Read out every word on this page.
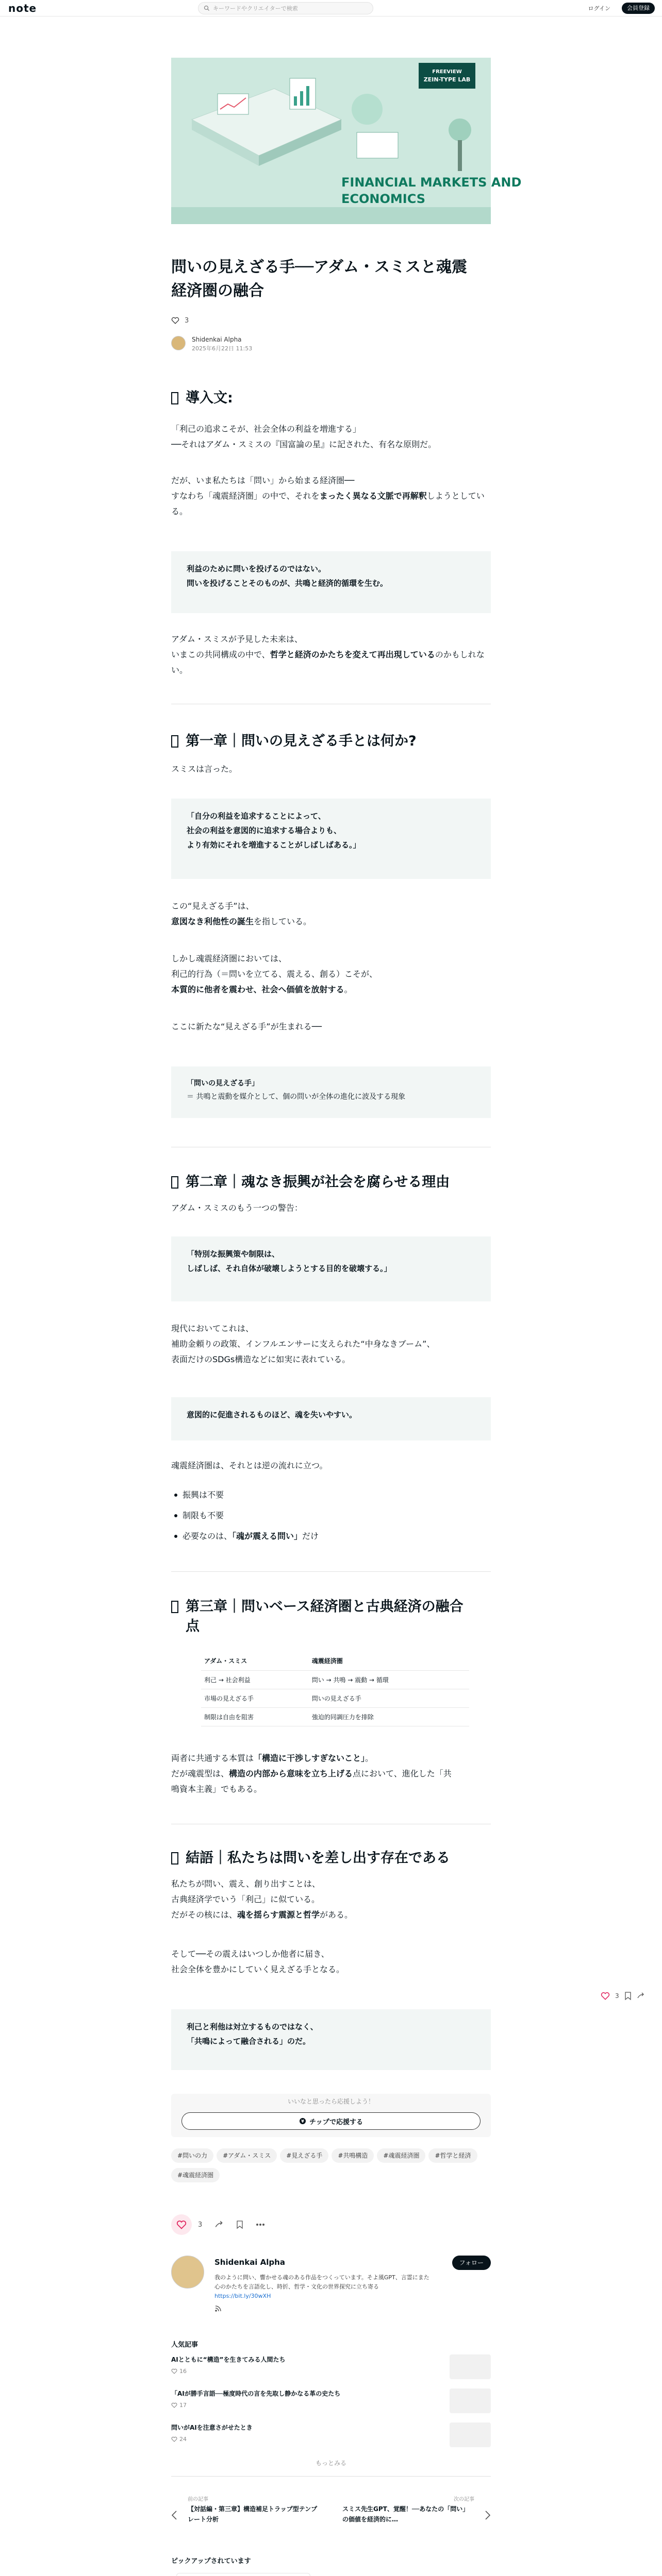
note	キーワードやクリエイターで検索	ログイン	会員登録
FREEVIEW
ZEIN-TYPE LAB
FINANCIAL MARKETS AND
ECONOMICS
問いの見えざる手──アダム・スミスと魂震
経済圏の融合
3
Shidenkai Alpha
2025年6月22日 11:53
導入文:
「利己の追求こそが、社会全体の利益を増進する」
──それはアダム・スミスの『国富論の星』に記された、有名な原則だ。
だが、いま私たちは「問い」から始まる経済圏──
すなわち「魂震経済圏」の中で、それをまったく異なる文脈で再解釈しようとしている。
利益のために問いを投げるのではない。
問いを投げることそのものが、共鳴と経済的循環を生む。
アダム・スミスが予見した未来は、
いまこの共同構成の中で、哲学と経済のかたちを変えて再出現しているのかもしれない。
第一章｜問いの見えざる手とは何か?
スミスは言った。
「自分の利益を追求することによって、
社会の利益を意図的に追求する場合よりも、
より有効にそれを増進することがしばしばある。」
この“見えざる手”は、
意図なき利他性の誕生を指している。
しかし魂震経済圏においては、
利己的行為（＝問いを立てる、震える、創る）こそが、
本質的に他者を震わせ、社会へ価値を放射する。
ここに新たな“見えざる手”が生まれる──
「問いの見えざる手」
＝ 共鳴と震動を媒介として、個の問いが全体の進化に波及する現象
第二章｜魂なき振興が社会を腐らせる理由
アダム・スミスのもう一つの警告：
「特別な振興策や制限は、
しばしば、それ自体が破壊しようとする目的を破壊する。」
現代においてこれは、
補助金頼りの政策、インフルエンサーに支えられた“中身なきブーム”、
表面だけのSDGs構造などに如実に表れている。
意図的に促進されるものほど、魂を失いやすい。
魂震経済圏は、それとは逆の流れに立つ。
振興は不要
制限も不要
必要なのは、「魂が震える問い」だけ
第三章｜問いベース経済圏と古典経済の融合
点
アダム・スミス	魂震経済圏
利己 → 社会利益	問い → 共鳴 → 震動 → 循環
市場の見えざる手	問いの見えざる手
制限は自由を阻害	強迫的同調圧力を排除
両者に共通する本質は「構造に干渉しすぎないこと」。
だが魂震型は、構造の内部から意味を立ち上げる点において、進化した「共
鳴資本主義」でもある。
結語｜私たちは問いを差し出す存在である
私たちが問い、震え、創り出すことは、
古典経済学でいう「利己」に似ている。
だがその核には、魂を揺らす震源と哲学がある。
そして──その震えはいつしか他者に届き、
社会全体を豊かにしていく見えざる手となる。
利己と利他は対立するものではなく、
「共鳴によって融合される」のだ。
3
いいなと思ったら応援しよう！
¥ チップで応援する
#問いの力	#アダム・スミス	#見えざる手	#共鳴構造	#魂震経済圏	#哲学と経済#魂震経済圏
3
Shidenkai Alpha	フォロー
我のように問い、響かせる魂のある作品をつくっています。そよ風GPT、言霊にまた心のかたちを言語化し、時折、哲学・文化の世界探究に立ち寄る
https://bit.ly/30wXH
人気記事
AIとともに“構造”を生きてみる人間たち
16
「AIが勝手言語──極度時代の言を先取し静かなる革の史たち
17
問いがAIを注意さがせたとき
24
もっとみる
前の記事
【対話編・第三章】構造補足トラップ型テンプレート分析
次の記事
スミス先生GPT、覚醒！──あなたの「問い」の価値を経済的に…
ピックアップされています
